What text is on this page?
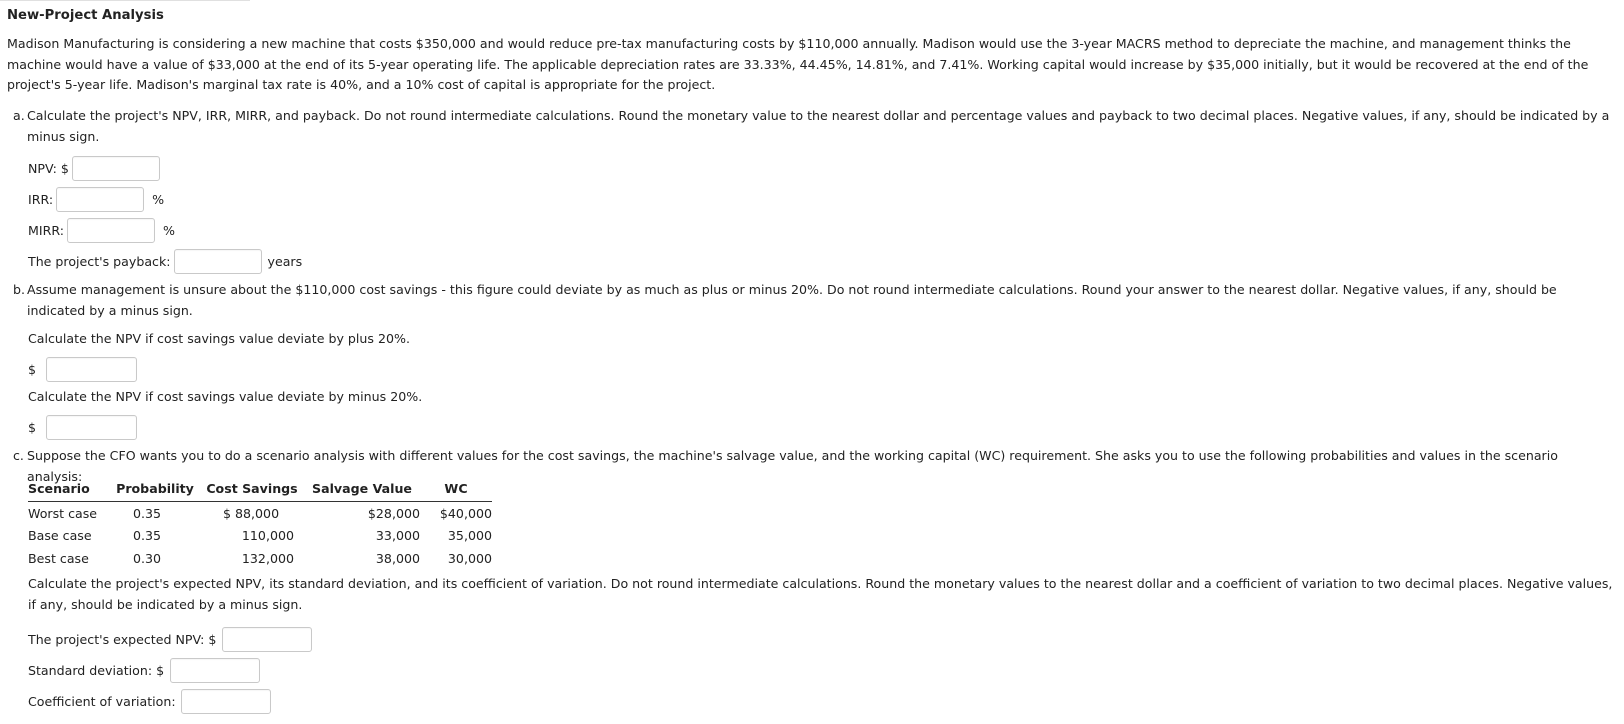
New-Project Analysis

Madison Manufacturing is considering a new machine that costs $350,000 and would reduce pre-tax manufacturing costs by $110,000 annually. Madison would use the 3-year MACRS method to depreciate the machine, and management thinks the machine would have a value of $33,000 at the end of its 5-year operating life. The applicable depreciation rates are 33.33%, 44.45%, 14.81%, and 7.41%. Working capital would increase by $35,000 initially, but it would be recovered at the end of the project's 5-year life. Madison's marginal tax rate is 40%, and a 10% cost of capital is appropriate for the project.

a. Calculate the project's NPV, IRR, MIRR, and payback. Do not round intermediate calculations. Round the monetary value to the nearest dollar and percentage values and payback to two decimal places. Negative values, if any, should be indicated by a minus sign.
NPV: $
IRR:	%
MIRR:	%
The project's payback:	years
b. Assume management is unsure about the $110,000 cost savings - this figure could deviate by as much as plus or minus 20%. Do not round intermediate calculations. Round your answer to the nearest dollar. Negative values, if any, should be indicated by a minus sign.
Calculate the NPV if cost savings value deviate by plus 20%.
$
Calculate the NPV if cost savings value deviate by minus 20%.
$
c. Suppose the CFO wants you to do a scenario analysis with different values for the cost savings, the machine's salvage value, and the working capital (WC) requirement. She asks you to use the following probabilities and values in the scenario analysis:
Scenario	Probability	Cost Savings	Salvage Value	WC
Worst case	0.35	$ 88,000	$28,000	$40,000
Base case	0.35	110,000	33,000	35,000
Best case	0.30	132,000	38,000	30,000
Calculate the project's expected NPV, its standard deviation, and its coefficient of variation. Do not round intermediate calculations. Round the monetary values to the nearest dollar and a coefficient of variation to two decimal places. Negative values, if any, should be indicated by a minus sign.
The project's expected NPV: $
Standard deviation: $
Coefficient of variation:
